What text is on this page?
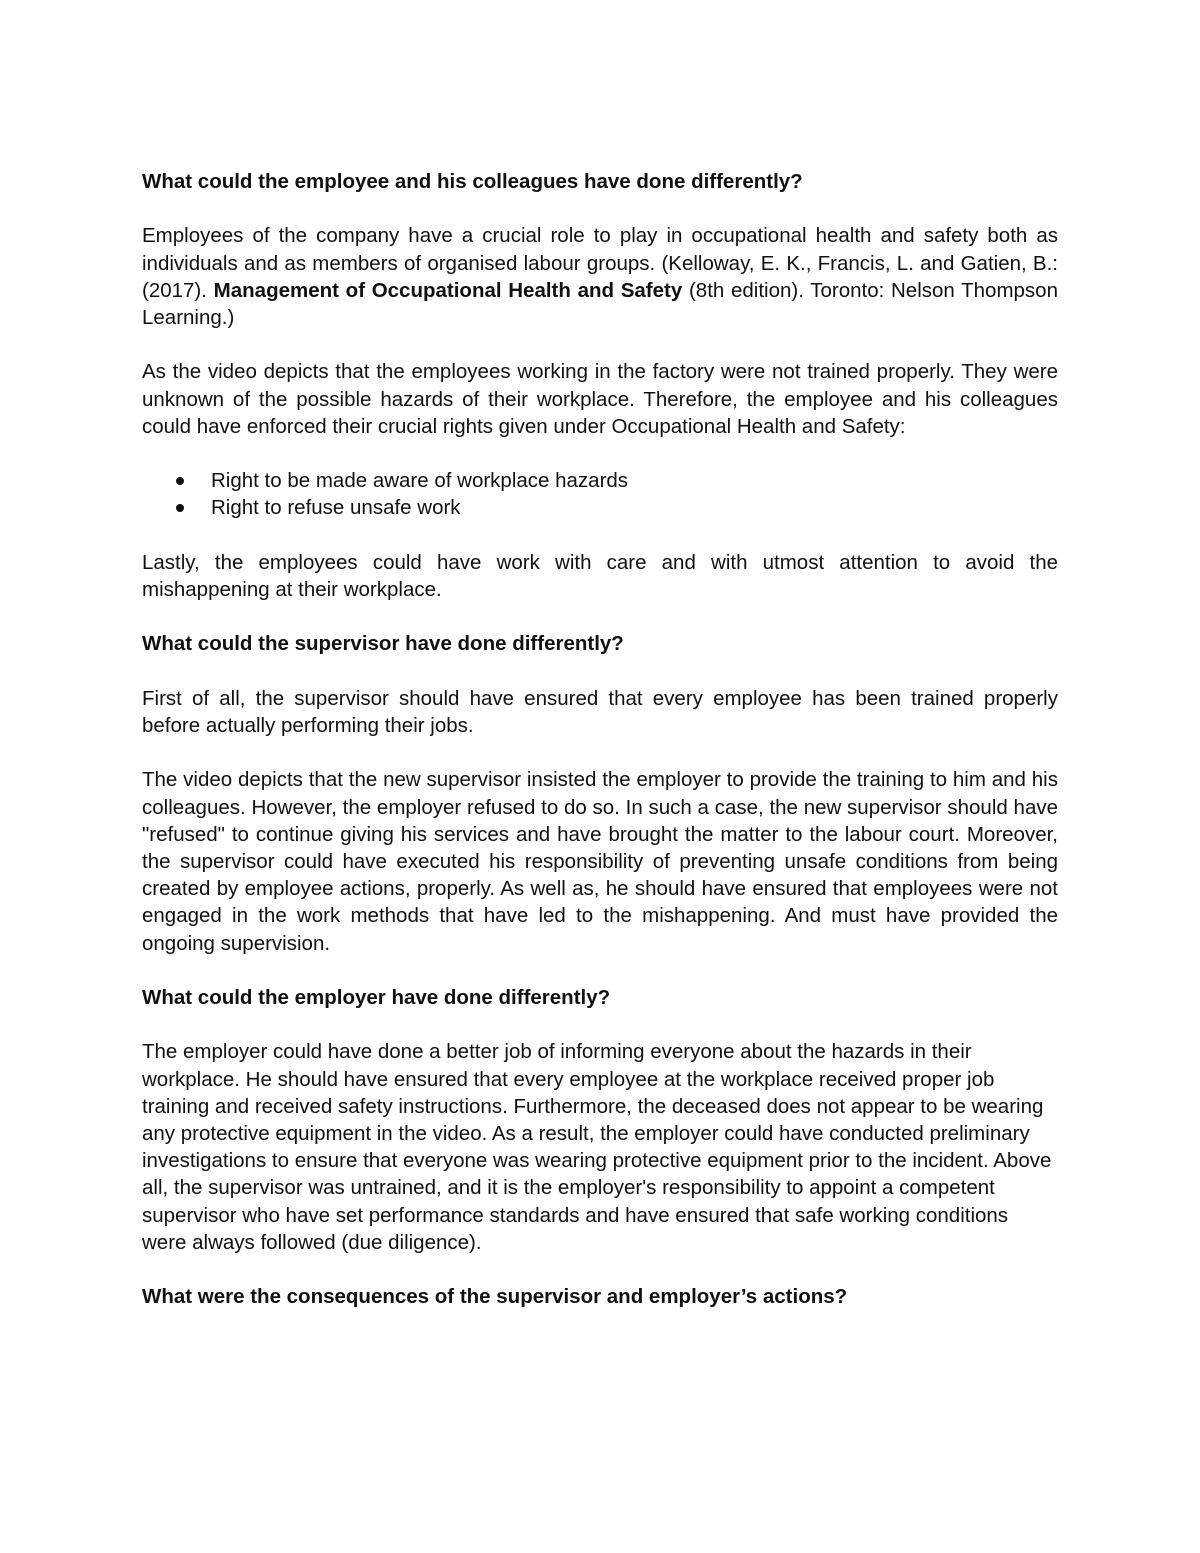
What could the employee and his colleagues have done differently?

Employees of the company have a crucial role to play in occupational health and safety both as individuals and as members of organised labour groups. (Kelloway, E. K., Francis, L. and Gatien, B.: (2017). Management of Occupational Health and Safety (8th edition). Toronto: Nelson Thompson Learning.)

As the video depicts that the employees working in the factory were not trained properly. They were unknown of the possible hazards of their workplace. Therefore, the employee and his colleagues could have enforced their crucial rights given under Occupational Health and Safety:

Right to be made aware of workplace hazards
Right to refuse unsafe work

Lastly, the employees could have work with care and with utmost attention to avoid the mishappening at their workplace.

What could the supervisor have done differently?

First of all, the supervisor should have ensured that every employee has been trained properly before actually performing their jobs.

The video depicts that the new supervisor insisted the employer to provide the training to him and his colleagues. However, the employer refused to do so. In such a case, the new supervisor should have "refused" to continue giving his services and have brought the matter to the labour court. Moreover, the supervisor could have executed his responsibility of preventing unsafe conditions from being created by employee actions, properly. As well as, he should have ensured that employees were not engaged in the work methods that have led to the mishappening. And must have provided the ongoing supervision.

What could the employer have done differently?

The employer could have done a better job of informing everyone about the hazards in their workplace. He should have ensured that every employee at the workplace received proper job training and received safety instructions. Furthermore, the deceased does not appear to be wearing any protective equipment in the video. As a result, the employer could have conducted preliminary investigations to ensure that everyone was wearing protective equipment prior to the incident. Above all, the supervisor was untrained, and it is the employer's responsibility to appoint a competent supervisor who have set performance standards and have ensured that safe working conditions were always followed (due diligence).

What were the consequences of the supervisor and employer’s actions?
